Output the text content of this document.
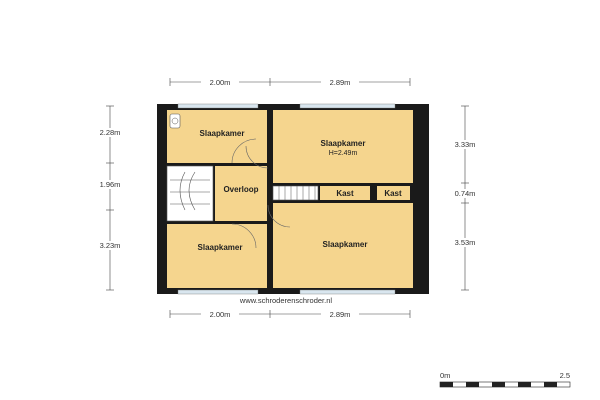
Slaapkamer
Slaapkamer
H=2.49m
Overloop	Kast	Kast
Slaapkamer	Slaapkamer
2.00m	2.89m
2.00m	2.89m
2.28m
1.96m
3.23m
3.33m
0.74m
3.53m
www.schroderenschroder.nl
0m	2.5
